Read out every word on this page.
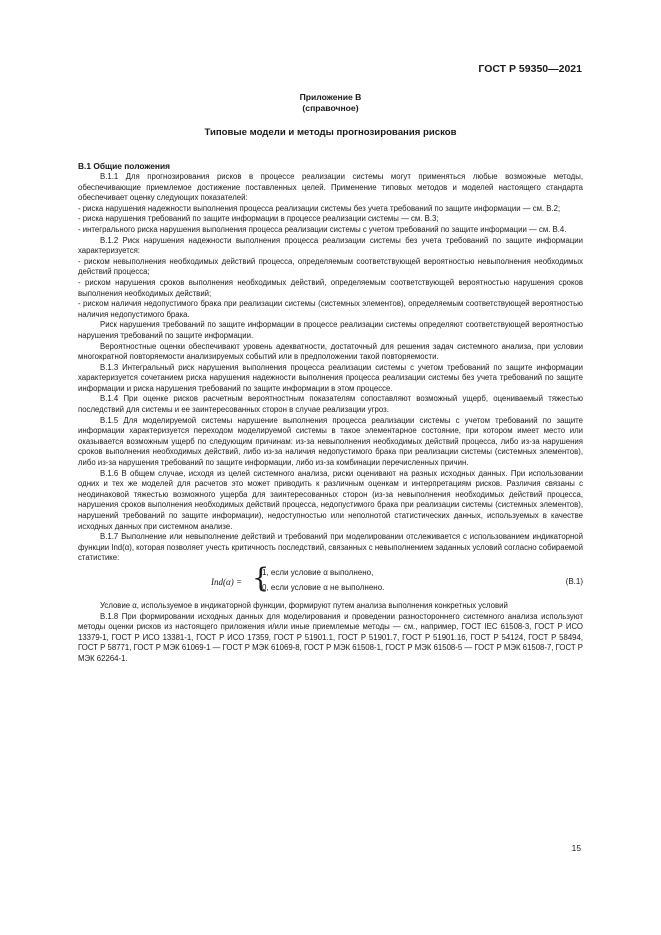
ГОСТ Р 59350—2021
Приложение В
(справочное)
Типовые модели и методы прогнозирования рисков
В.1 Общие положения

В.1.1 Для прогнозирования рисков в процессе реализации системы могут применяться любые возможные методы, обеспечивающие приемлемое достижение поставленных целей. Применение типовых методов и моделей настоящего стандарта обеспечивает оценку следующих показателей:

- риска нарушения надежности выполнения процесса реализации системы без учета требований по защите информации — см. В.2;

- риска нарушения требований по защите информации в процессе реализации системы — см. В.3;

- интегрального риска нарушения выполнения процесса реализации системы с учетом требований по защите информации — см. В.4.

В.1.2 Риск нарушения надежности выполнения процесса реализации системы без учета требований по защите информации характеризуется:

- риском невыполнения необходимых действий процесса, определяемым соответствующей вероятностью невыполнения необходимых действий процесса;

- риском нарушения сроков выполнения необходимых действий, определяемым соответствующей вероятностью нарушения сроков выполнения необходимых действий;

- риском наличия недопустимого брака при реализации системы (системных элементов), определяемым соответствующей вероятностью наличия недопустимого брака.

Риск нарушения требований по защите информации в процессе реализации системы определяют соответствующей вероятностью нарушения требований по защите информации.

Вероятностные оценки обеспечивают уровень адекватности, достаточный для решения задач системного анализа, при условии многократной повторяемости анализируемых событий или в предположении такой повторяемости.

В.1.3 Интегральный риск нарушения выполнения процесса реализации системы с учетом требований по защите информации характеризуется сочетанием риска нарушения надежности выполнения процесса реализации системы без учета требований по защите информации и риска нарушения требований по защите информации в этом процессе.

В.1.4 При оценке рисков расчетным вероятностным показателям сопоставляют возможный ущерб, оцениваемый тяжестью последствий для системы и ее заинтересованных сторон в случае реализации угроз.

В.1.5 Для моделируемой системы нарушение выполнения процесса реализации системы с учетом требований по защите информации характеризуется переходом моделируемой системы в такое элементарное состояние, при котором имеет место или оказывается возможным ущерб по следующим причинам: из-за невыполнения необходимых действий процесса, либо из-за нарушения сроков выполнения необходимых действий, либо из-за наличия недопустимого брака при реализации системы (системных элементов), либо из-за нарушения требований по защите информации, либо из-за комбинации перечисленных причин.

В.1.6 В общем случае, исходя из целей системного анализа, риски оценивают на разных исходных данных. При использовании одних и тех же моделей для расчетов это может приводить к различным оценкам и интерпретациям рисков. Различия связаны с неодинаковой тяжестью возможного ущерба для заинтересованных сторон (из-за невыполнения необходимых действий процесса, нарушения сроков выполнения необходимых действий процесса, недопустимого брака при реализации системы (системных элементов), нарушений требований по защите информации), недоступностью или неполнотой статистических данных, используемых в качестве исходных данных при системном анализе.

В.1.7 Выполнение или невыполнение действий и требований при моделировании отслеживается с использованием индикаторной функции Ind(α), которая позволяет учесть критичность последствий, связанных с невыполнением заданных условий согласно собираемой статистике:

Ind(α) = {
1, если условие α выполнено,
0, если условие α не выполнено.
(В.1)

Условие α, используемое в индикаторной функции, формируют путем анализа выполнения конкретных условий

В.1.8 При формировании исходных данных для моделирования и проведении разностороннего системного анализа используют методы оценки рисков из настоящего приложения и/или иные приемлемые методы — см., например, ГОСТ IEC 61508-3, ГОСТ Р ИСО 13379-1, ГОСТ Р ИСО 13381-1, ГОСТ Р ИСО 17359, ГОСТ Р 51901.1, ГОСТ Р 51901.7, ГОСТ Р 51901.16, ГОСТ Р 54124, ГОСТ Р 58494, ГОСТ Р 58771, ГОСТ Р МЭК 61069-1 — ГОСТ Р МЭК 61069-8, ГОСТ Р МЭК 61508-1, ГОСТ Р МЭК 61508-5 — ГОСТ Р МЭК 61508-7, ГОСТ Р МЭК 62264-1.

15
